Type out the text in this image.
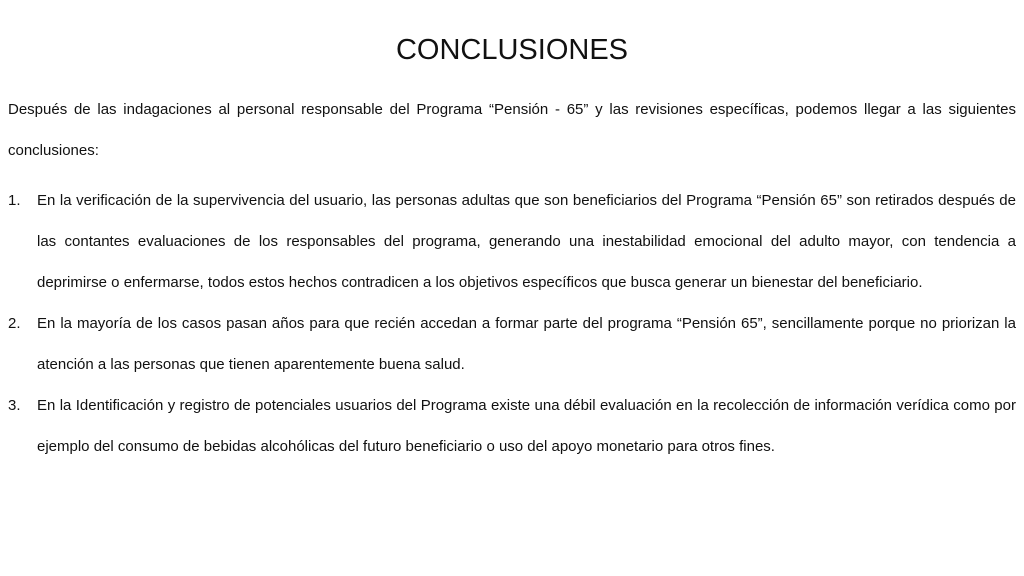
CONCLUSIONES

Después de las indagaciones al personal responsable del Programa “Pensión - 65” y las revisiones específicas, podemos llegar a las siguientes conclusiones:

1. En la verificación de la supervivencia del usuario, las personas adultas que son beneficiarios del Programa “Pensión 65” son retirados después de las contantes evaluaciones de los responsables del programa, generando una inestabilidad emocional del adulto mayor, con tendencia a deprimirse o enfermarse, todos estos hechos contradicen a los objetivos específicos que busca generar un bienestar del beneficiario.
2. En la mayoría de los casos pasan años para que recién accedan a formar parte del programa “Pensión 65”, sencillamente porque no priorizan la atención a las personas que tienen aparentemente buena salud.
3. En la Identificación y registro de potenciales usuarios del Programa existe una débil evaluación en la recolección de información verídica como por ejemplo del consumo de bebidas alcohólicas del futuro beneficiario o uso del apoyo monetario para otros fines.
